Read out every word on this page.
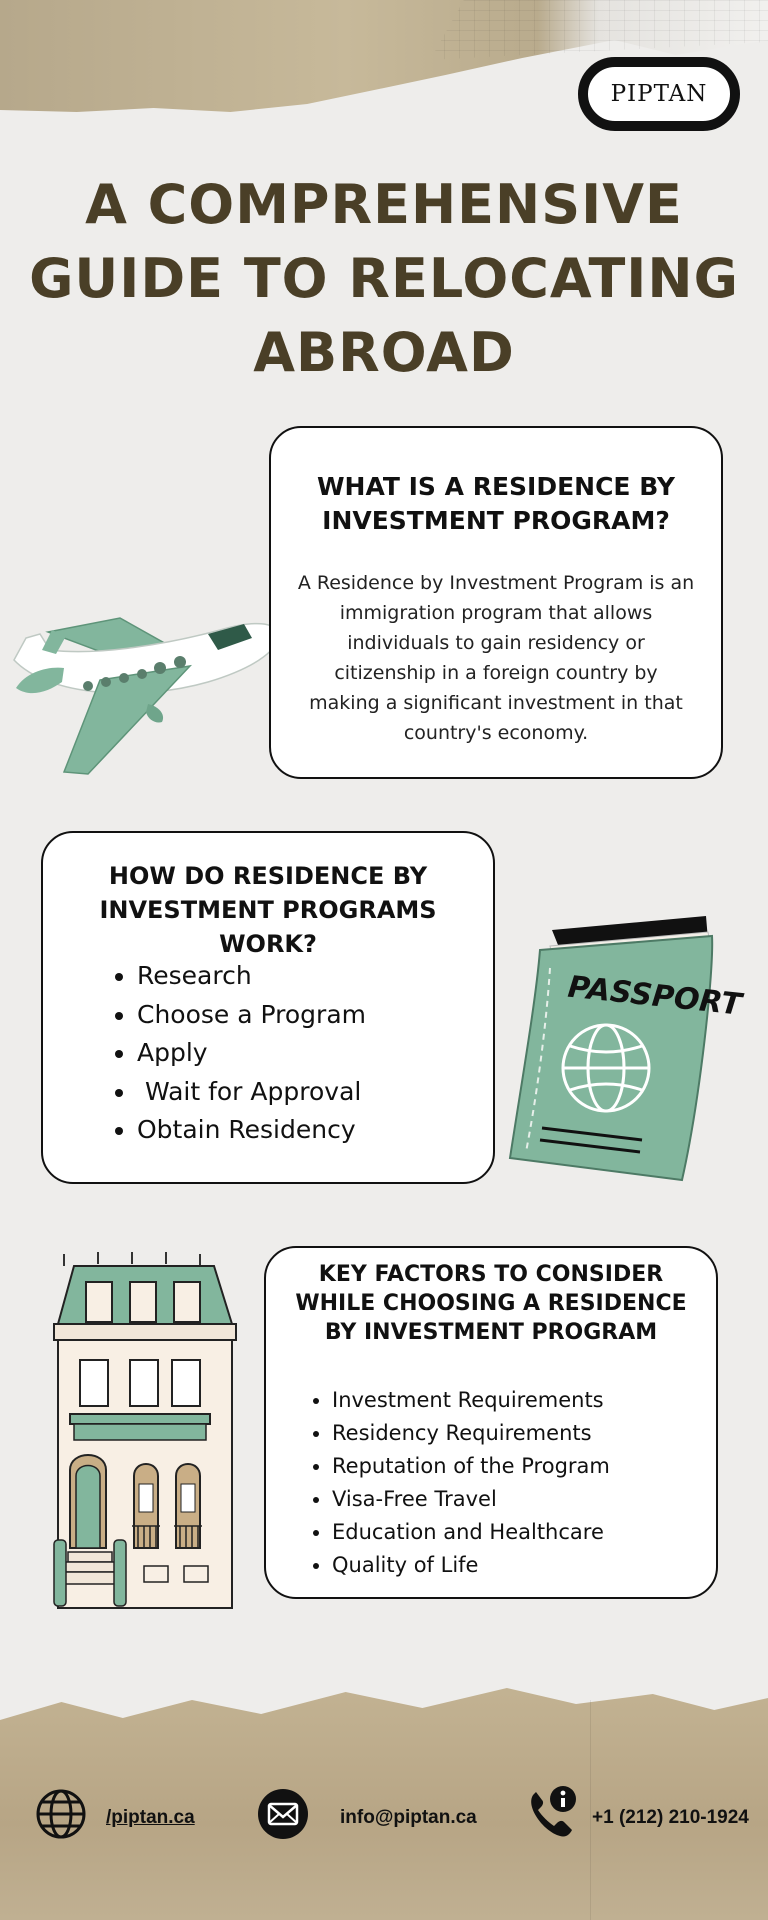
PIPTAN
A COMPREHENSIVE GUIDE TO RELOCATING ABROAD
WHAT IS A RESIDENCE BY INVESTMENT PROGRAM?
A Residence by Investment Program is an immigration program that allows individuals to gain residency or citizenship in a foreign country by making a significant investment in that country's economy.
HOW DO RESIDENCE BY INVESTMENT PROGRAMS WORK?
• Research
• Choose a Program
• Apply
•  Wait for Approval
• Obtain Residency
PASSPORT
KEY FACTORS TO CONSIDER WHILE CHOOSING A RESIDENCE BY INVESTMENT PROGRAM
• Investment Requirements
• Residency Requirements
• Reputation of the Program
• Visa-Free Travel
• Education and Healthcare
• Quality of Life
/piptan.ca	info@piptan.ca	+1 (212) 210-1924
